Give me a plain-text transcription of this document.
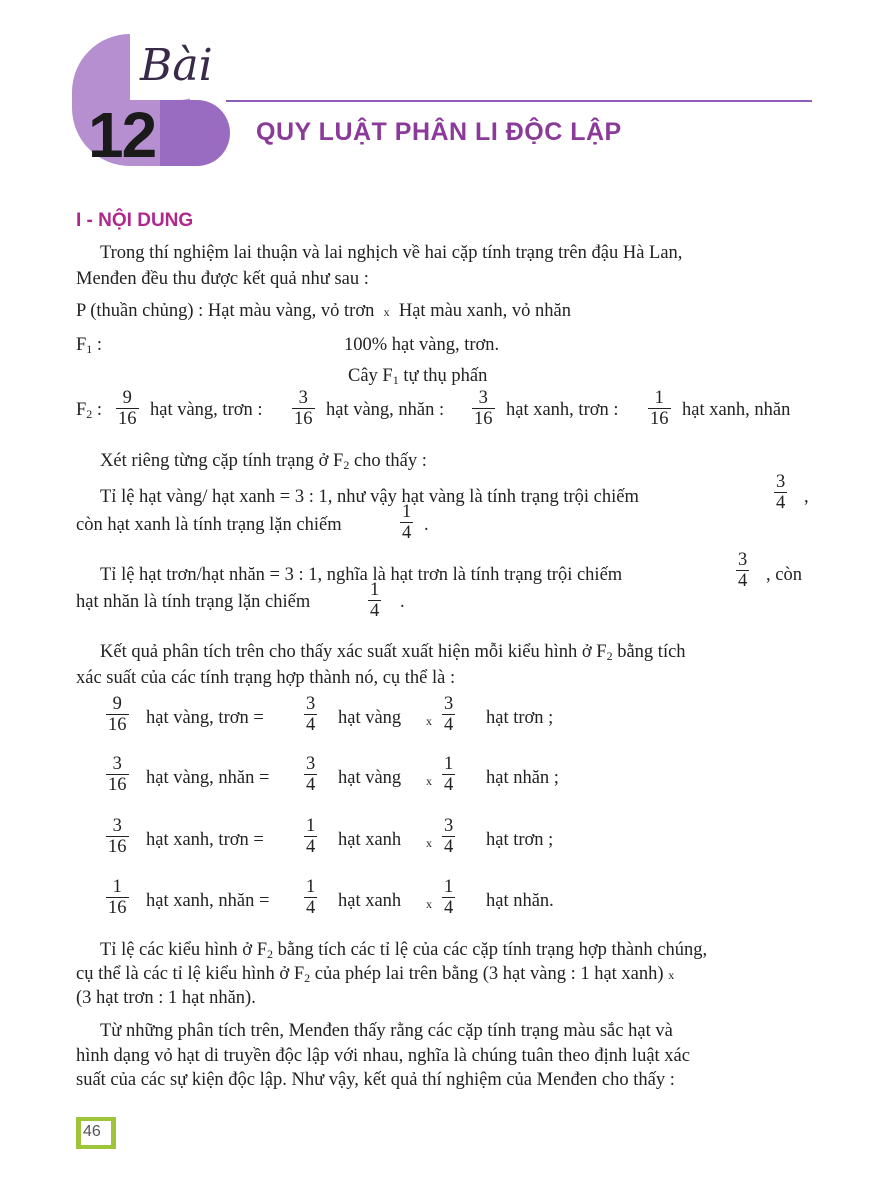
Bài
12	QUY LUẬT PHÂN LI ĐỘC LẬP
I - NỘI DUNG
Trong thí nghiệm lai thuận và lai nghịch về hai cặp tính trạng trên đậu Hà Lan,
Menđen đều thu được kết quả như sau :
P (thuần chủng) : Hạt màu vàng, vỏ trơn x Hạt màu xanh, vỏ nhăn
$F_1$ :	100% hạt vàng, trơn.
Cây $F_1$ tự thụ phấn
$F_2$ :
9
16 hạt vàng, trơn :
3
16 hạt vàng, nhăn :
3
16 hạt xanh, trơn :
1
16 hạt xanh, nhăn
Xét riêng từng cặp tính trạng ở $F_2$ cho thấy :
Tỉ lệ hạt vàng/ hạt xanh = 3 : 1, như vậy hạt vàng là tính trạng trội chiếm
3
4 ,
còn hạt xanh là tính trạng lặn chiếm
1
4 .
Tỉ lệ hạt trơn/hạt nhăn = 3 : 1, nghĩa là hạt trơn là tính trạng trội chiếm
3
4 , còn
hạt nhăn là tính trạng lặn chiếm
1
4 .
Kết quả phân tích trên cho thấy xác suất xuất hiện mỗi kiểu hình ở $F_2$ bằng tích
xác suất của các tính trạng hợp thành nó, cụ thể là :
9
16 hạt vàng, trơn =
3
4 hạt vàng x
3
4 hạt trơn ;
3
16 hạt vàng, nhăn =
3
4 hạt vàng x
1
4 hạt nhăn ;
3
16 hạt xanh, trơn =
1
4 hạt xanh x
3
4 hạt trơn ;
1
16 hạt xanh, nhăn =
1
4 hạt xanh x
1
4 hạt nhăn.
Tỉ lệ các kiểu hình ở $F_2$ bằng tích các tỉ lệ của các cặp tính trạng hợp thành chúng,
cụ thể là các tỉ lệ kiểu hình ở $F_2$ của phép lai trên bằng (3 hạt vàng : 1 hạt xanh) x
(3 hạt trơn : 1 hạt nhăn).
Từ những phân tích trên, Menđen thấy rằng các cặp tính trạng màu sắc hạt và
hình dạng vỏ hạt di truyền độc lập với nhau, nghĩa là chúng tuân theo định luật xác
suất của các sự kiện độc lập. Như vậy, kết quả thí nghiệm của Menđen cho thấy :
46
